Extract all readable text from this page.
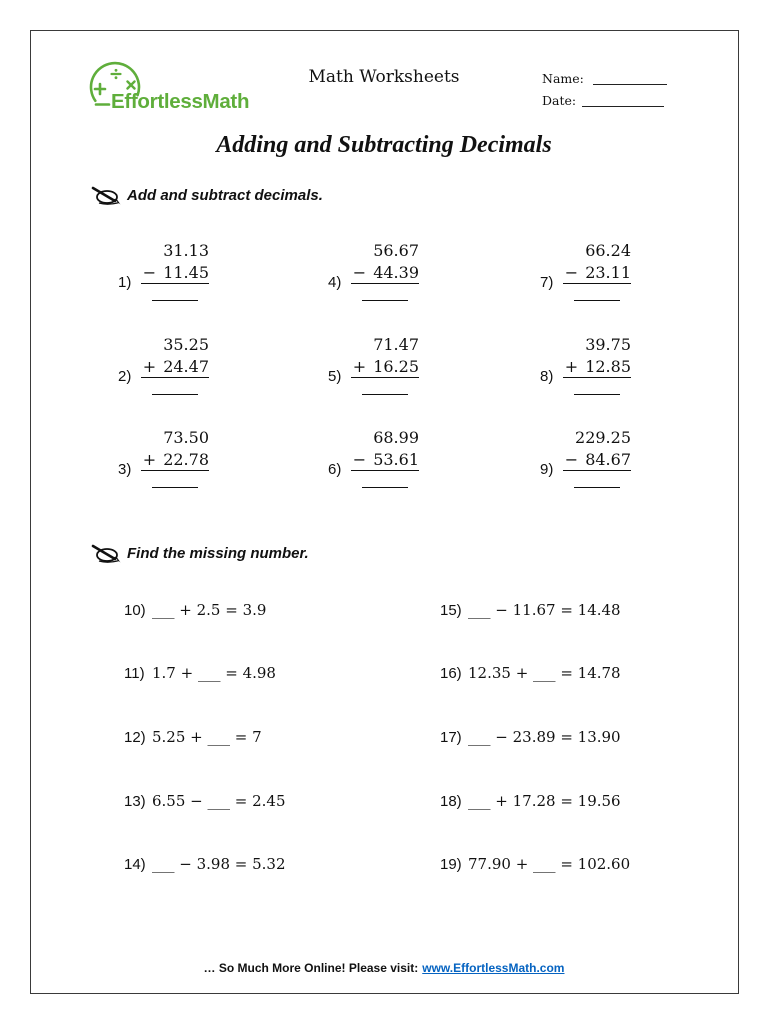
EffortlessMath
Math Worksheets	Name:
Date:
Adding and Subtracting Decimals
Add and subtract decimals.
31.13
− 11.45
1)
35.25
+ 24.47
2)
73.50
+ 22.78
3)
56.67
− 44.39
4)
71.47
+ 16.25
5)
68.99
− 53.61
6)
66.24
− 23.11
7)
39.75
+ 12.85
8)
229.25
− 84.67
9)
Find the missing number.
10) ___ + 2.5 = 3.9
11) 1.7 + ___ = 4.98
12) 5.25 + ___ = 7
13) 6.55 − ___ = 2.45
14) ___ − 3.98 = 5.32
15) ___ − 11.67 = 14.48
16) 12.35 + ___ = 14.78
17) ___ − 23.89 = 13.90
18) ___ + 17.28 = 19.56
19) 77.90 + ___ = 102.60
… So Much More Online! Please visit: www.EffortlessMath.com
